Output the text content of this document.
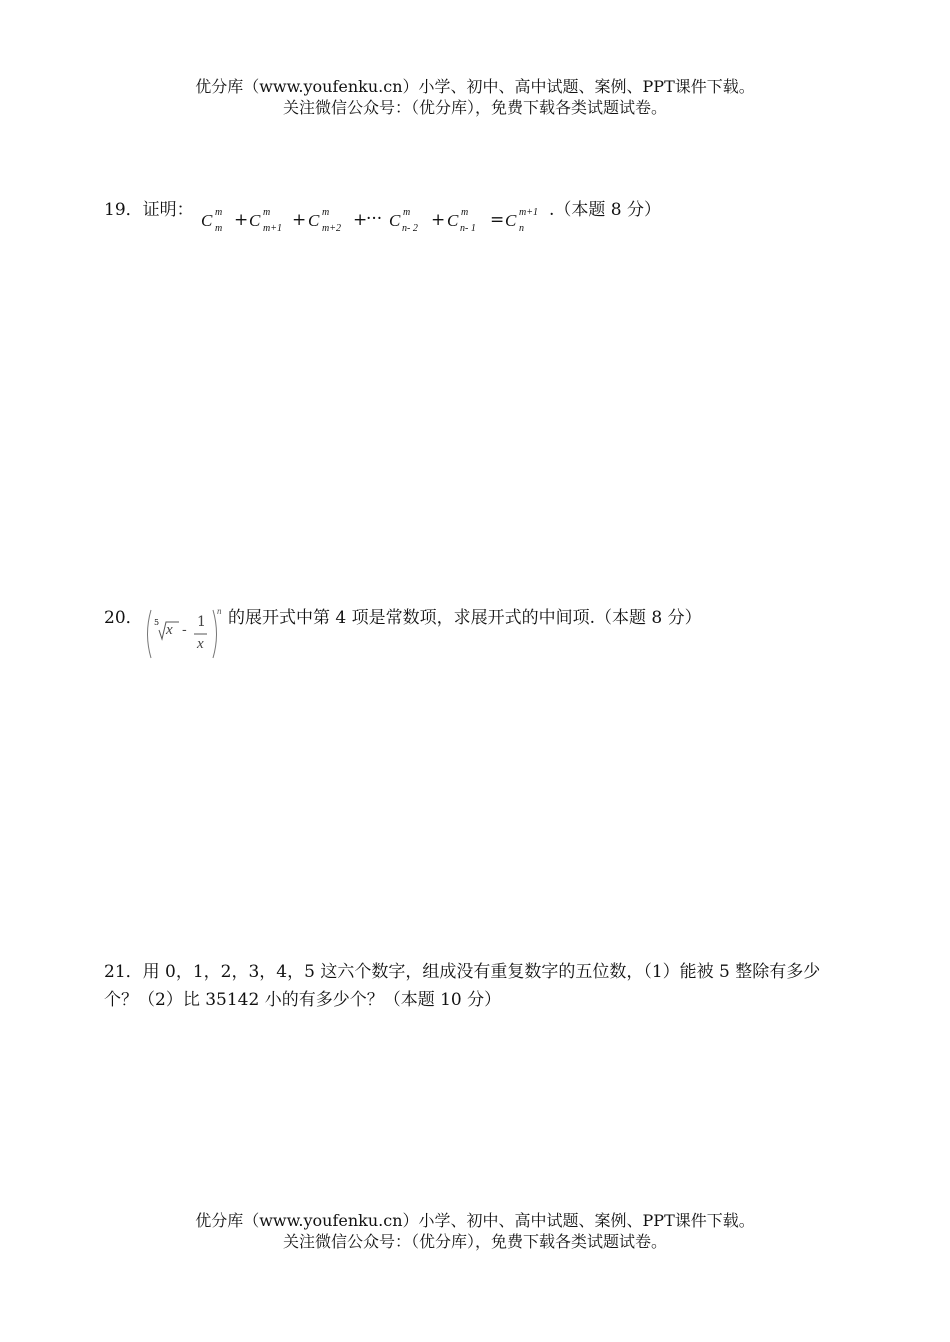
优分库（www.youfenku.cn）小学、初中、高中试题、案例、PPT课件下载。
关注微信公众号：（优分库），免费下载各类试题试卷。
19．证明：
C m
m + C m
m+1 + C m
m+2 +
··· C m
n- 2 + C m
n- 1 = C m+1
n
.（本题 8 分）
20． 5 x - 1
x
n 的展开式中第 4 项是常数项，求展开式的中间项.（本题 8 分）
21．用 0，1，2，3，4，5 这六个数字，组成没有重复数字的五位数，（1）能被 5 整除有多少个？（2）比 35142 小的有多少个？（本题 10 分）
优分库（www.youfenku.cn）小学、初中、高中试题、案例、PPT课件下载。
关注微信公众号：（优分库），免费下载各类试题试卷。
